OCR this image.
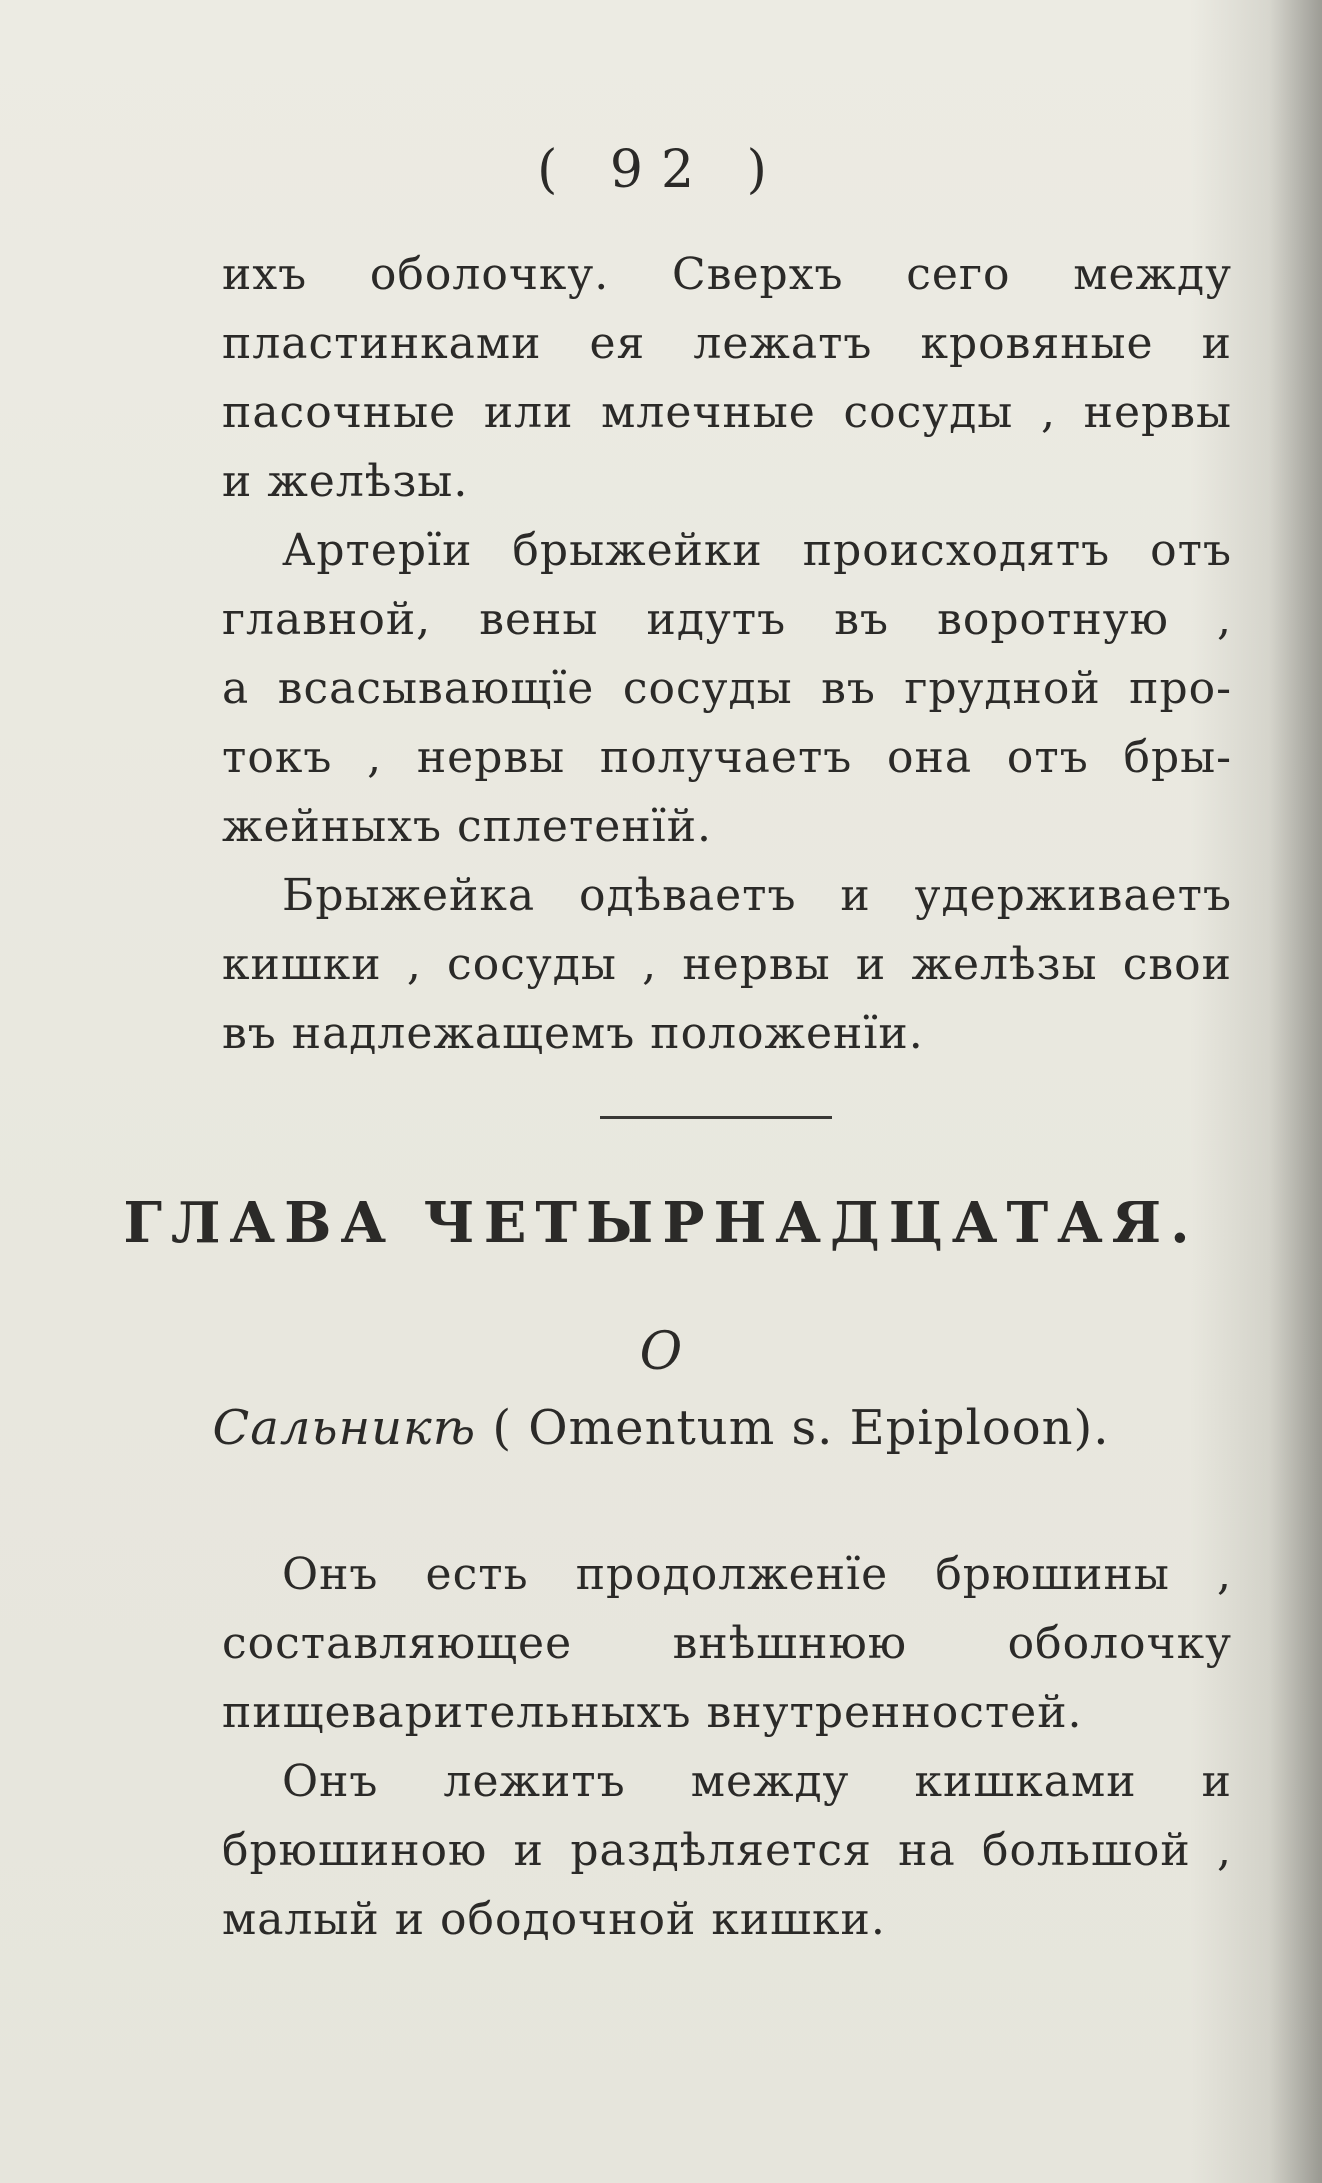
( 92 )

ихъ оболочку. Сверхъ сего между
пластинками ея лежатъ кровяные и
пасочные или млечные сосуды , нервы
и желѣзы.

Артерїи брыжейки происходятъ отъ
главной, вены идутъ въ воротную ,
а всасывающїе сосуды въ грудной про-
токъ , нервы получаетъ она отъ бры-
жейныхъ сплетенїй.

Брыжейка одѣваетъ и удерживаетъ
кишки , сосуды , нервы и желѣзы свои
въ надлежащемъ положенїи.

ГЛАВА ЧЕТЫРНАДЦАТАЯ.
О
Сальникѣ ( Omentum s. Epiploon).

Онъ есть продолженїе брюшины ,
составляющее внѣшнюю оболочку
пищеварительныхъ внутренностей.

Онъ лежитъ между кишками и
брюшиною и раздѣляется на большой ,
малый и ободочной кишки.
